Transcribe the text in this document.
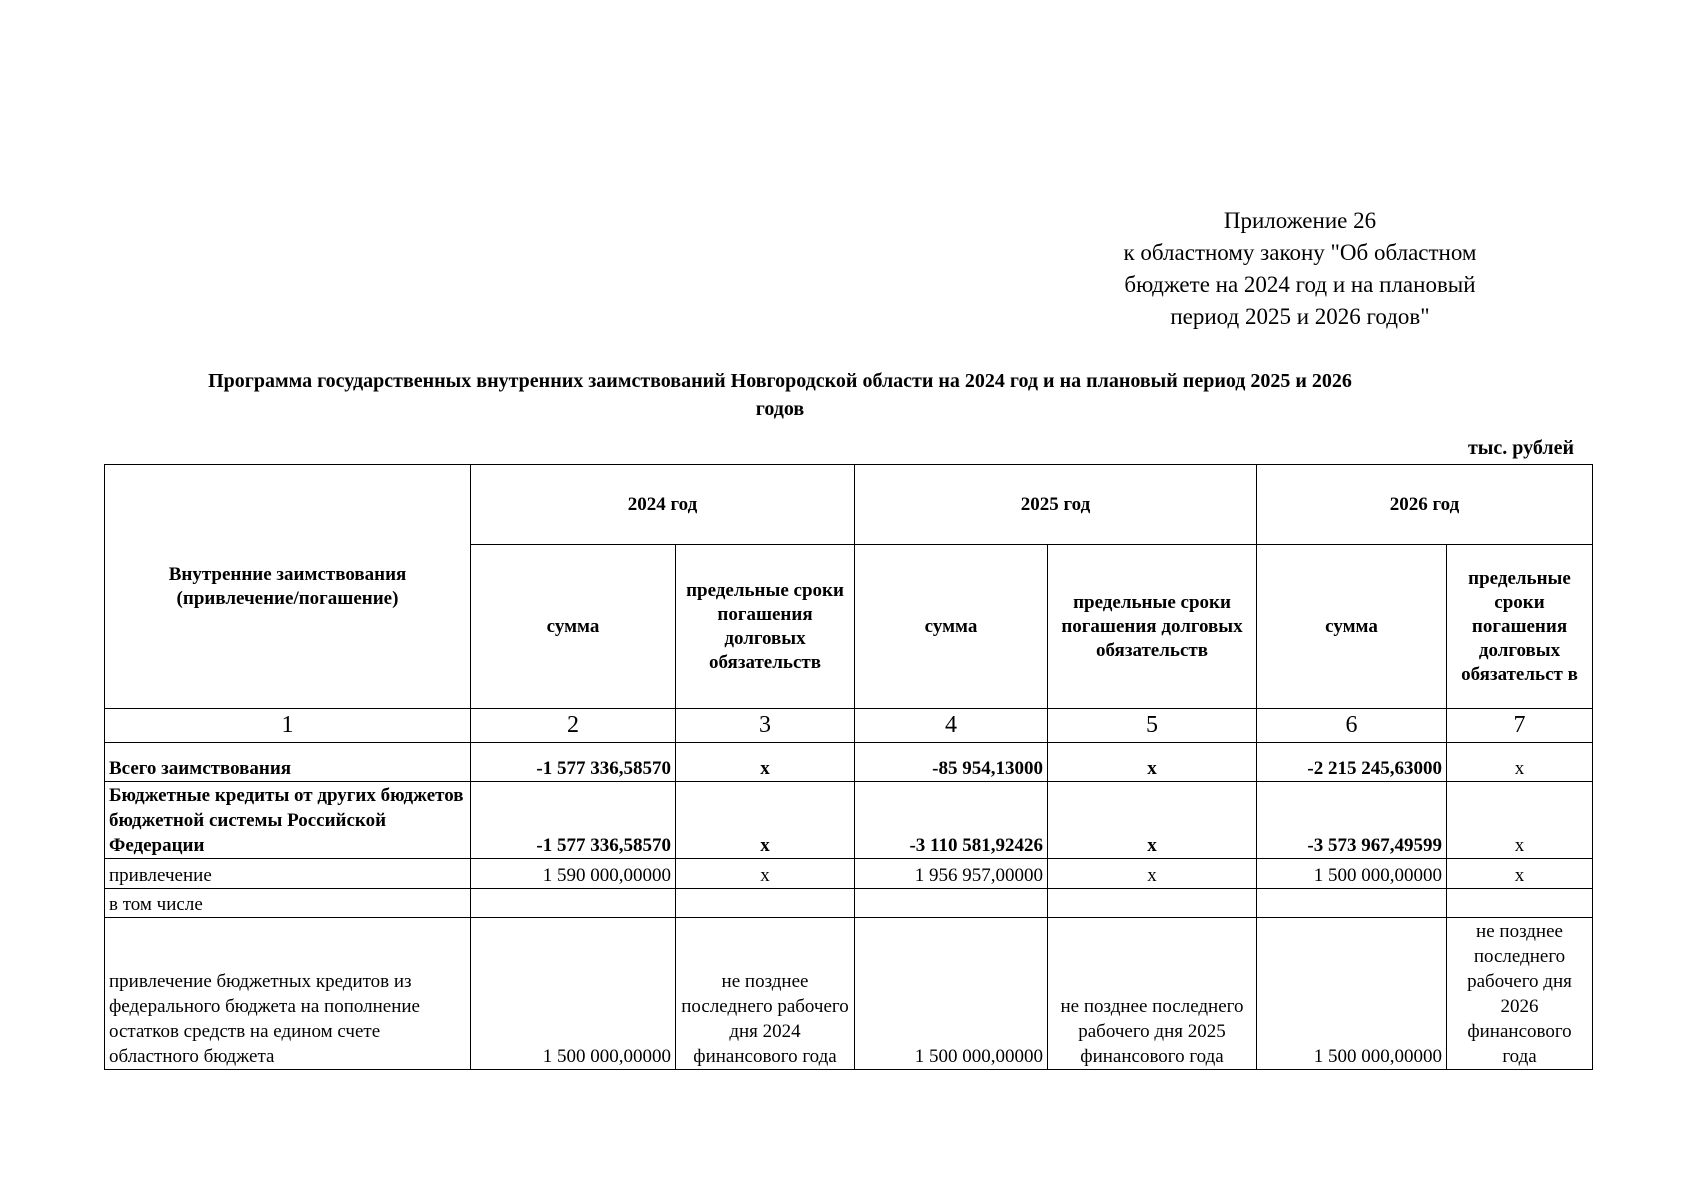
Приложение 26
к областному закону "Об областном
бюджете на 2024 год и на плановый
период 2025 и 2026 годов"
Программа государственных внутренних заимствований Новгородской области на 2024 год и на плановый период 2025 и 2026
годов
тыс. рублей
Внутренние заимствования (привлечение/погашение)	2024 год		2025 год		2026 год	
	сумма	предельные сроки погашения долговых обязательств	сумма	предельные сроки погашения долговых обязательств	сумма	предельные сроки погашения долговых обязательст в
1	2	3	4	5	6	7
Всего заимствования	-1 577 336,58570	x	-85 954,13000	x	-2 215 245,63000	x
Бюджетные кредиты от других бюджетов бюджетной системы Российской Федерации	-1 577 336,58570	x	-3 110 581,92426	x	-3 573 967,49599	x
привлечение	1 590 000,00000	x	1 956 957,00000	x	1 500 000,00000	x
в том числе						
привлечение бюджетных кредитов из федерального бюджета на пополнение остатков средств на едином счете областного бюджета	1 500 000,00000	не позднее последнего рабочего дня 2024 финансового года	1 500 000,00000	не позднее последнего рабочего дня 2025 финансового года	1 500 000,00000	не позднее последнего рабочего дня 2026 финансового года
